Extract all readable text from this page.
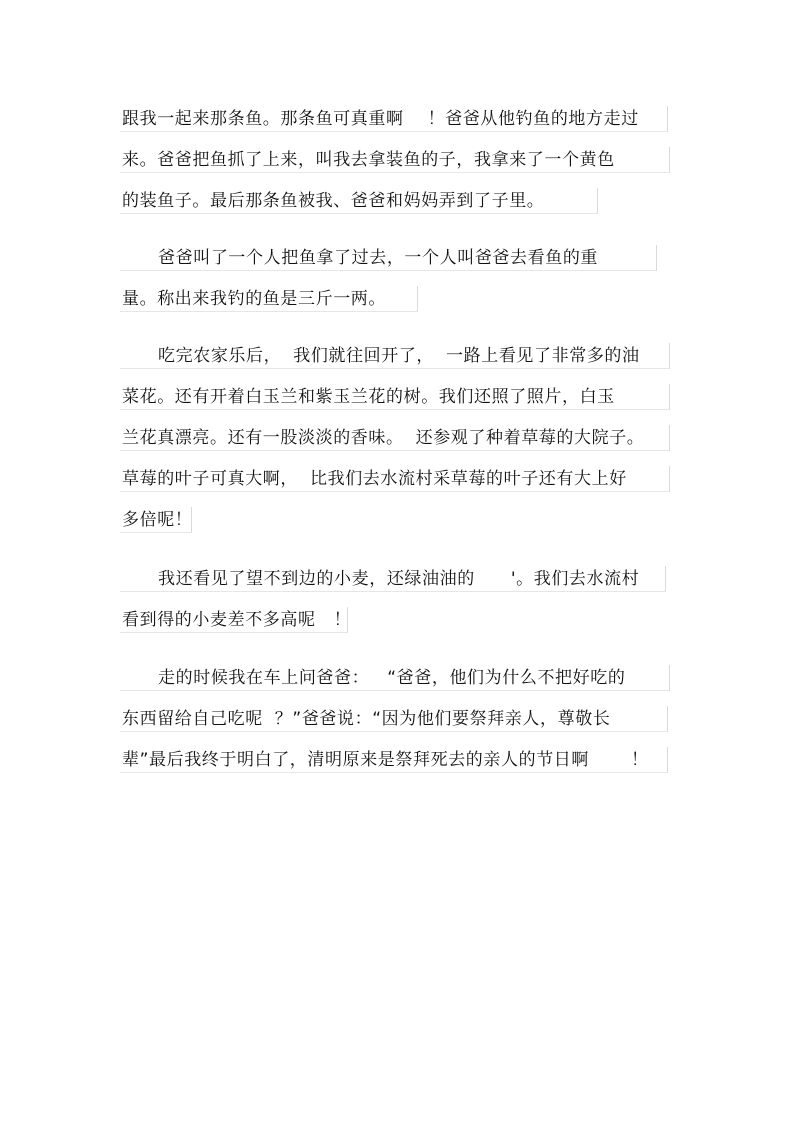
跟我一起来那条鱼。那条鱼可真重啊    ！爸爸从他钓鱼的地方走过
来。爸爸把鱼抓了上来，叫我去拿装鱼的子，我拿来了一个黄色
的装鱼子。最后那条鱼被我、爸爸和妈妈弄到了子里。
爸爸叫了一个人把鱼拿了过去，一个人叫爸爸去看鱼的重
量。称出来我钓的鱼是三斤一两。
吃完农家乐后，  我们就往回开了，  一路上看见了非常多的油
菜花。还有开着白玉兰和紫玉兰花的树。我们还照了照片，白玉
兰花真漂亮。还有一股淡淡的香味。  还参观了种着草莓的大院子。
草莓的叶子可真大啊，  比我们去水流村采草莓的叶子还有大上好
多倍呢！
我还看见了望不到边的小麦，还绿油油的      '。我们去水流村
看到得的小麦差不多高呢   ！
走的时候我在车上问爸爸：   “爸爸，他们为什么不把好吃的
东西留给自己吃呢  ？”爸爸说：“因为他们要祭拜亲人，尊敬长
辈”最后我终于明白了，清明原来是祭拜死去的亲人的节日啊       ！
